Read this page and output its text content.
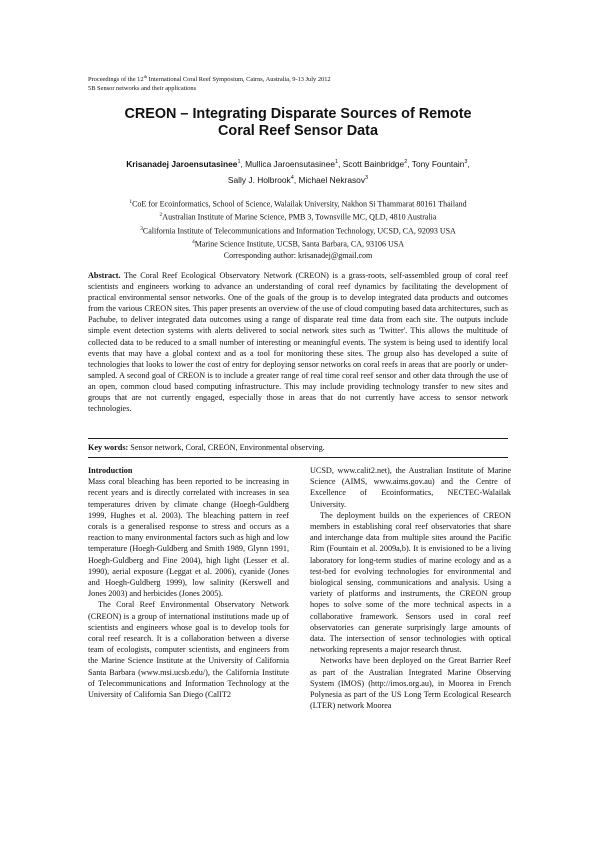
Proceedings of the 12th International Coral Reef Symposium, Cairns, Australia, 9-13 July 2012
5B Sensor networks and their applications
CREON – Integrating Disparate Sources of Remote
Coral Reef Sensor Data
Krisanadej Jaroensutasinee$^1$, Mullica Jaroensutasinee$^1$, Scott Bainbridge$^2$, Tony Fountain$^3$,
Sally J. Holbrook$^4$, Michael Nekrasov$^3$
$^1$CoE for Ecoinformatics, School of Science, Walailak University, Nakhon Si Thammarat 80161 Thailand
$^2$Australian Institute of Marine Science, PMB 3, Townsville MC, QLD, 4810 Australia
$^3$California Institute of Telecommunications and Information Technology, UCSD, CA, 92093 USA
$^4$Marine Science Institute, UCSB, Santa Barbara, CA, 93106 USA
Corresponding author: krisanadej@gmail.com
Abstract. The Coral Reef Ecological Observatory Network (CREON) is a grass-roots, self-assembled group of coral reef scientists and engineers working to advance an understanding of coral reef dynamics by facilitating the development of practical environmental sensor networks. One of the goals of the group is to develop integrated data products and outcomes from the various CREON sites. This paper presents an overview of the use of cloud computing based data architectures, such as Pachube, to deliver integrated data outcomes using a range of disparate real time data from each site. The outputs include simple event detection systems with alerts delivered to social network sites such as 'Twitter'. This allows the multitude of collected data to be reduced to a small number of interesting or meaningful events. The system is being used to identify local events that may have a global context and as a tool for monitoring these sites. The group also has developed a suite of technologies that looks to lower the cost of entry for deploying sensor networks on coral reefs in areas that are poorly or under-sampled. A second goal of CREON is to include a greater range of real time coral reef sensor and other data through the use of an open, common cloud based computing infrastructure. This may include providing technology transfer to new sites and groups that are not currently engaged, especially those in areas that do not currently have access to sensor network technologies.
Key words: Sensor network, Coral, CREON, Environmental observing.
Introduction

Mass coral bleaching has been reported to be increasing in recent years and is directly correlated with increases in sea temperatures driven by climate change (Hoegh-Guldberg 1999, Hughes et al. 2003). The bleaching pattern in reef corals is a generalised response to stress and occurs as a reaction to many environmental factors such as high and low temperature (Hoegh-Guldberg and Smith 1989, Glynn 1991, Hoegh-Guldberg and Fine 2004), high light (Lesser et al. 1990), aerial exposure (Leggat et al. 2006), cyanide (Jones and Hoegh-Guldberg 1999), low salinity (Kerswell and Jones 2003) and herbicides (Jones 2005).

The Coral Reef Environmental Observatory Network (CREON) is a group of international institutions made up of scientists and engineers whose goal is to develop tools for coral reef research. It is a collaboration between a diverse team of ecologists, computer scientists, and engineers from the Marine Science Institute at the University of California Santa Barbara (www.msi.ucsb.edu/), the California Institute of Telecommunications and Information Technology at the University of California San Diego (CalIT2

UCSD, www.calit2.net), the Australian Institute of Marine Science (AIMS, www.aims.gov.au) and the Centre of Excellence of Ecoinformatics, NECTEC-Walailak University.

The deployment builds on the experiences of CREON members in establishing coral reef observatories that share and interchange data from multiple sites around the Pacific Rim (Fountain et al. 2009a,b). It is envisioned to be a living laboratory for long-term studies of marine ecology and as a test-bed for evolving technologies for environmental and biological sensing, communications and analysis. Using a variety of platforms and instruments, the CREON group hopes to solve some of the more technical aspects in a collaborative framework. Sensors used in coral reef observatories can generate surprisingly large amounts of data. The intersection of sensor technologies with optical networking represents a major research thrust.

Networks have been deployed on the Great Barrier Reef as part of the Australian Integrated Marine Observing System (IMOS) (http://imos.org.au), in Moorea in French Polynesia as part of the US Long Term Ecological Research (LTER) network Moorea
